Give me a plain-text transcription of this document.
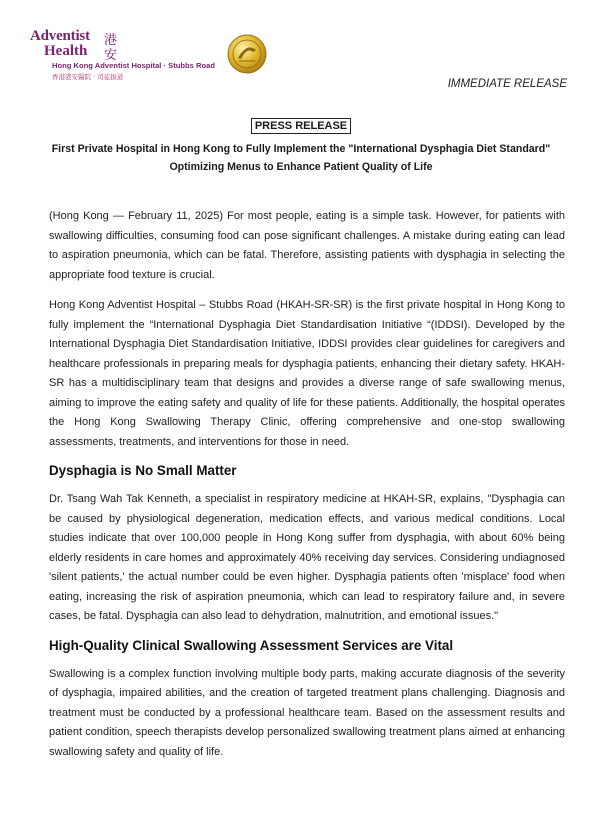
Adventist 港
Health 安
Hong Kong Adventist Hospital · Stubbs Road
香港港安醫院 · 司徒拔道
IMMEDIATE RELEASE
PRESS RELEASE
First Private Hospital in Hong Kong to Fully Implement the "International Dysphagia Diet Standard"
Optimizing Menus to Enhance Patient Quality of Life

(Hong Kong — February 11, 2025) For most people, eating is a simple task. However, for patients with swallowing difficulties, consuming food can pose significant challenges. A mistake during eating can lead to aspiration pneumonia, which can be fatal. Therefore, assisting patients with dysphagia in selecting the appropriate food texture is crucial.

Hong Kong Adventist Hospital – Stubbs Road (HKAH-SR-SR) is the first private hospital in Hong Kong to fully implement the “International Dysphagia Diet Standardisation Initiative “(IDDSI). Developed by the International Dysphagia Diet Standardisation Initiative, IDDSI provides clear guidelines for caregivers and healthcare professionals in preparing meals for dysphagia patients, enhancing their dietary safety. HKAH-SR has a multidisciplinary team that designs and provides a diverse range of safe swallowing menus, aiming to improve the eating safety and quality of life for these patients. Additionally, the hospital operates the Hong Kong Swallowing Therapy Clinic, offering comprehensive and one-stop swallowing assessments, treatments, and interventions for those in need.

Dysphagia is No Small Matter

Dr. Tsang Wah Tak Kenneth, a specialist in respiratory medicine at HKAH-SR, explains, "Dysphagia can be caused by physiological degeneration, medication effects, and various medical conditions. Local studies indicate that over 100,000 people in Hong Kong suffer from dysphagia, with about 60% being elderly residents in care homes and approximately 40% receiving day services. Considering undiagnosed 'silent patients,' the actual number could be even higher. Dysphagia patients often 'misplace' food when eating, increasing the risk of aspiration pneumonia, which can lead to respiratory failure and, in severe cases, be fatal. Dysphagia can also lead to dehydration, malnutrition, and emotional issues."

High-Quality Clinical Swallowing Assessment Services are Vital

Swallowing is a complex function involving multiple body parts, making accurate diagnosis of the severity of dysphagia, impaired abilities, and the creation of targeted treatment plans challenging. Diagnosis and treatment must be conducted by a professional healthcare team. Based on the assessment results and patient condition, speech therapists develop personalized swallowing treatment plans aimed at enhancing swallowing safety and quality of life.
